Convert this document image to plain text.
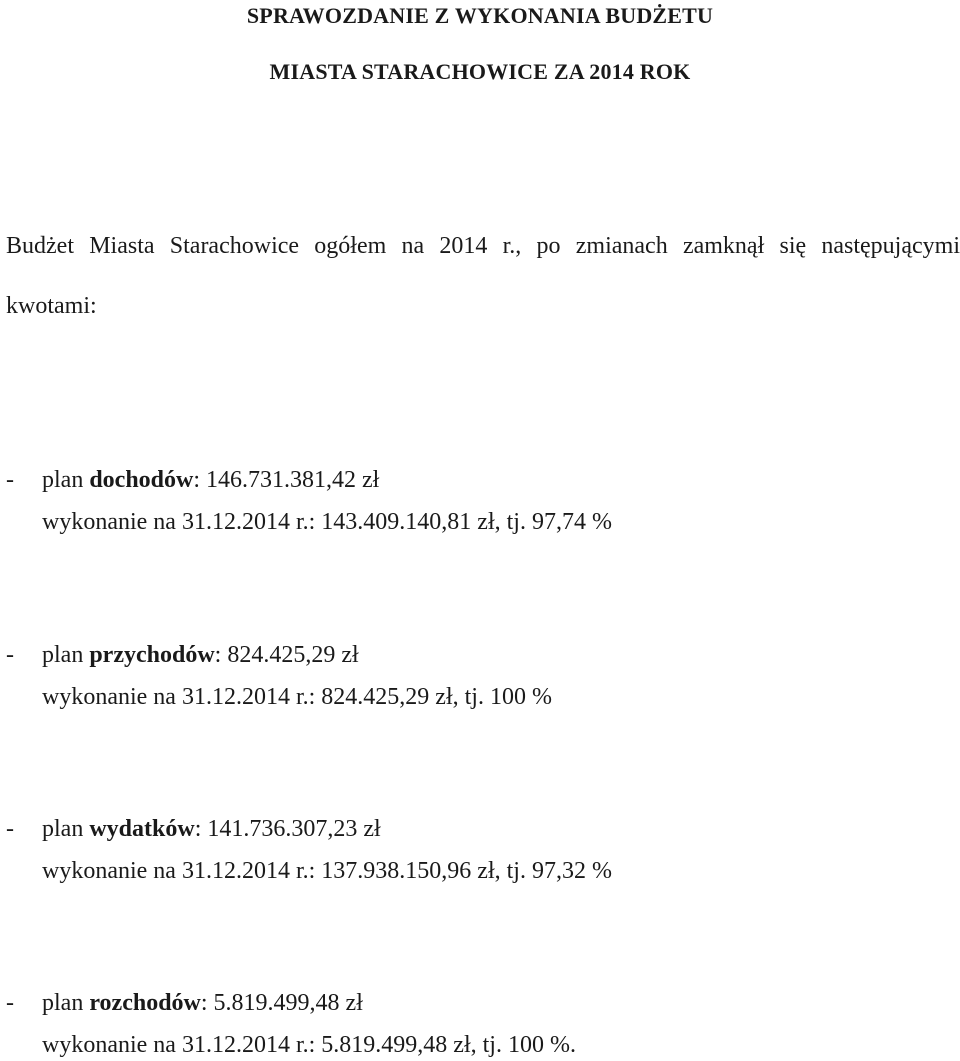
SPRAWOZDANIE Z WYKONANIA BUDŻETU
MIASTA STARACHOWICE ZA 2014 ROK
Budżet Miasta Starachowice ogółem na 2014 r., po zmianach zamknął się następującymi
kwotami:
- plan dochodów: 146.731.381,42 zł
wykonanie na 31.12.2014 r.: 143.409.140,81 zł, tj. 97,74 %
- plan przychodów: 824.425,29 zł
wykonanie na 31.12.2014 r.: 824.425,29 zł, tj. 100 %
- plan wydatków: 141.736.307,23 zł
wykonanie na 31.12.2014 r.: 137.938.150,96 zł, tj. 97,32 %
- plan rozchodów: 5.819.499,48 zł
wykonanie na 31.12.2014 r.: 5.819.499,48 zł, tj. 100 %.
